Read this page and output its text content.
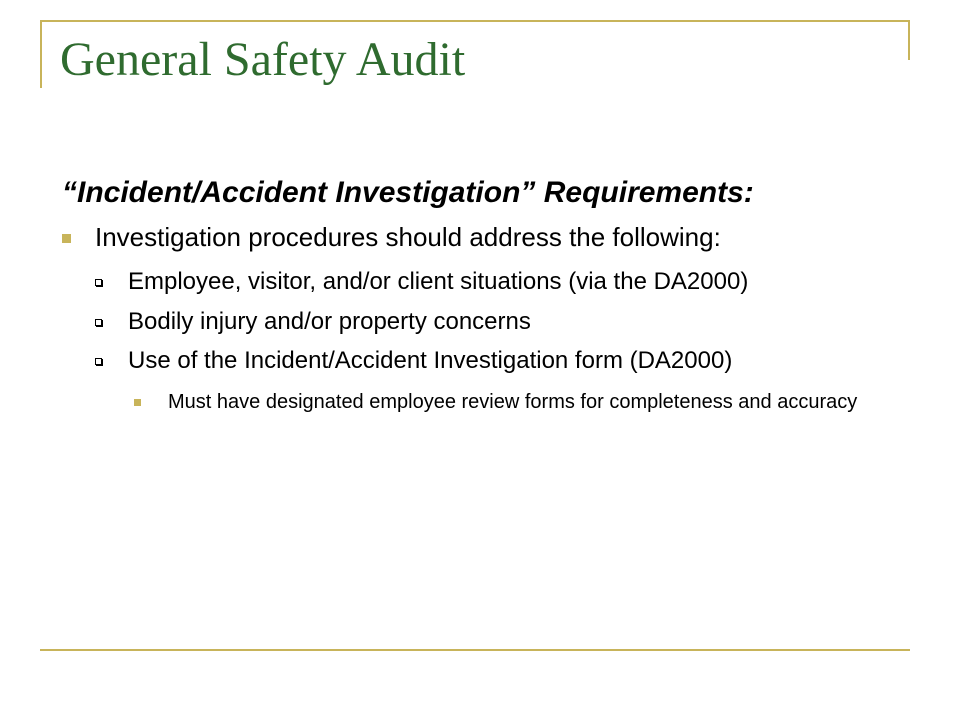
General Safety Audit

“Incident/Accident Investigation” Requirements:

Investigation procedures should address the following:
Employee, visitor, and/or client situations (via the DA2000)
Bodily injury and/or property concerns
Use of the Incident/Accident Investigation form (DA2000)
Must have designated employee review forms for completeness and accuracy
